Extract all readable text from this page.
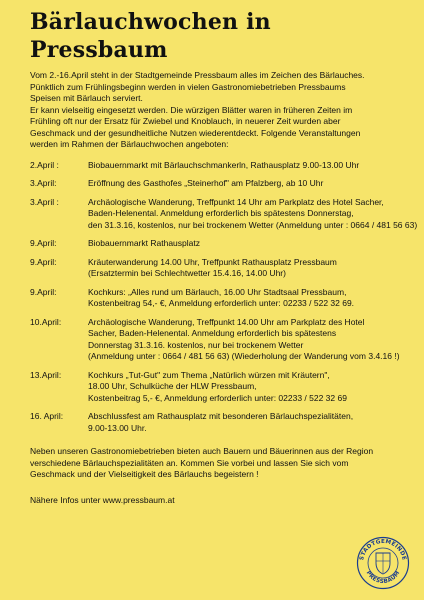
Bärlauchwochen in Pressbaum

Vom 2.-16.April steht in der Stadtgemeinde Pressbaum alles im Zeichen des Bärlauches.

Pünktlich zum Frühlingsbeginn werden in vielen Gastronomiebetrieben Pressbaums

Speisen mit Bärlauch serviert.

Er kann vielseitig eingesetzt werden. Die würzigen Blätter waren in früheren Zeiten im

Frühling oft nur der Ersatz für Zwiebel und Knoblauch, in neuerer Zeit wurden aber

Geschmack und der gesundheitliche Nutzen wiederentdeckt. Folgende Veranstaltungen

werden im Rahmen der Bärlauchwochen angeboten:

2.April :	Biobauernmarkt mit Bärlauchschmankerln, Rathausplatz 9.00-13.00 Uhr
3.April:	Eröffnung des Gasthofes „Steinerhof" am Pfalzberg, ab 10 Uhr
3.April :	Archäologische Wanderung, Treffpunkt 14 Uhr am Parkplatz des Hotel Sacher,
Baden-Helenental. Anmeldung erforderlich bis spätestens Donnerstag,
den 31.3.16, kostenlos, nur bei trockenem Wetter (Anmeldung unter : 0664 / 481 56 63)
9.April:	Biobauernmarkt Rathausplatz
9.April:	Kräuterwanderung 14.00 Uhr, Treffpunkt Rathausplatz Pressbaum
(Ersatztermin bei Schlechtwetter 15.4.16, 14.00 Uhr)
9.April:	Kochkurs: „Alles rund um Bärlauch, 16.00 Uhr Stadtsaal Pressbaum,
Kostenbeitrag 54,- €, Anmeldung erforderlich unter: 02233 / 522 32 69.
10.April:	Archäologische Wanderung, Treffpunkt 14.00 Uhr am Parkplatz des Hotel
Sacher, Baden-Helenental. Anmeldung erforderlich bis spätestens
Donnerstag 31.3.16. kostenlos, nur bei trockenem Wetter
(Anmeldung unter : 0664 / 481 56 63) (Wiederholung der Wanderung vom 3.4.16 !)
13.April:	Kochkurs „Tut-Gut" zum Thema „Natürlich würzen mit Kräutern",
18.00 Uhr, Schulküche der HLW Pressbaum,
Kostenbeitrag 5,- €, Anmeldung erforderlich unter: 02233 / 522 32 69
16. April:	Abschlussfest am Rathausplatz mit besonderen Bärlauchspezialitäten,
9.00-13.00 Uhr.

Neben unseren Gastronomiebetrieben bieten auch Bauern und Bäuerinnen aus der Region

verschiedene Bärlauchspezialitäten an. Kommen Sie vorbei und lassen Sie sich vom

Geschmack und der Vielseitigkeit des Bärlauchs begeistern !

Nähere Infos unter www.pressbaum.at
STADTGEMEINDE
PRESSBAUM
